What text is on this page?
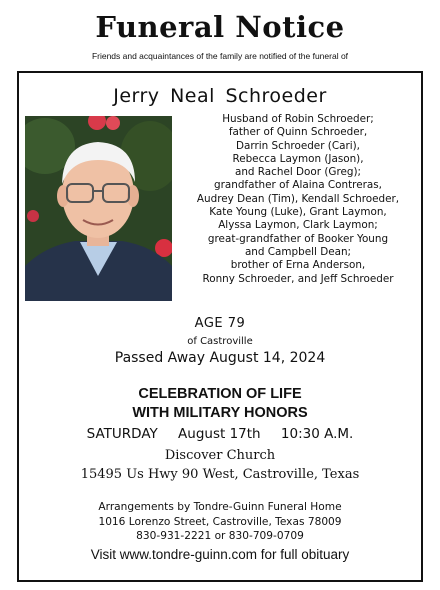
Funeral Notice
Friends and acquaintances of the family are notified of the funeral of
Jerry Neal Schroeder
Husband of Robin Schroeder;
father of Quinn Schroeder,
Darrin Schroeder (Cari),
Rebecca Laymon (Jason),
and Rachel Door (Greg);
grandfather of Alaina Contreras,
Audrey Dean (Tim), Kendall Schroeder,
Kate Young (Luke), Grant Laymon,
Alyssa Laymon, Clark Laymon;
great-grandfather of Booker Young
and Campbell Dean;
brother of Erna Anderson,
Ronny Schroeder, and Jeff Schroeder
AGE 79
of Castroville
Passed Away August 14, 2024
CELEBRATION OF LIFE
WITH MILITARY HONORS
SATURDAY August 17th 10:30 A.M.
Discover Church
15495 Us Hwy 90 West, Castroville, Texas
Arrangements by Tondre-Guinn Funeral Home
1016 Lorenzo Street, Castroville, Texas 78009
830-931-2221 or 830-709-0709
Visit www.tondre-guinn.com for full obituary
